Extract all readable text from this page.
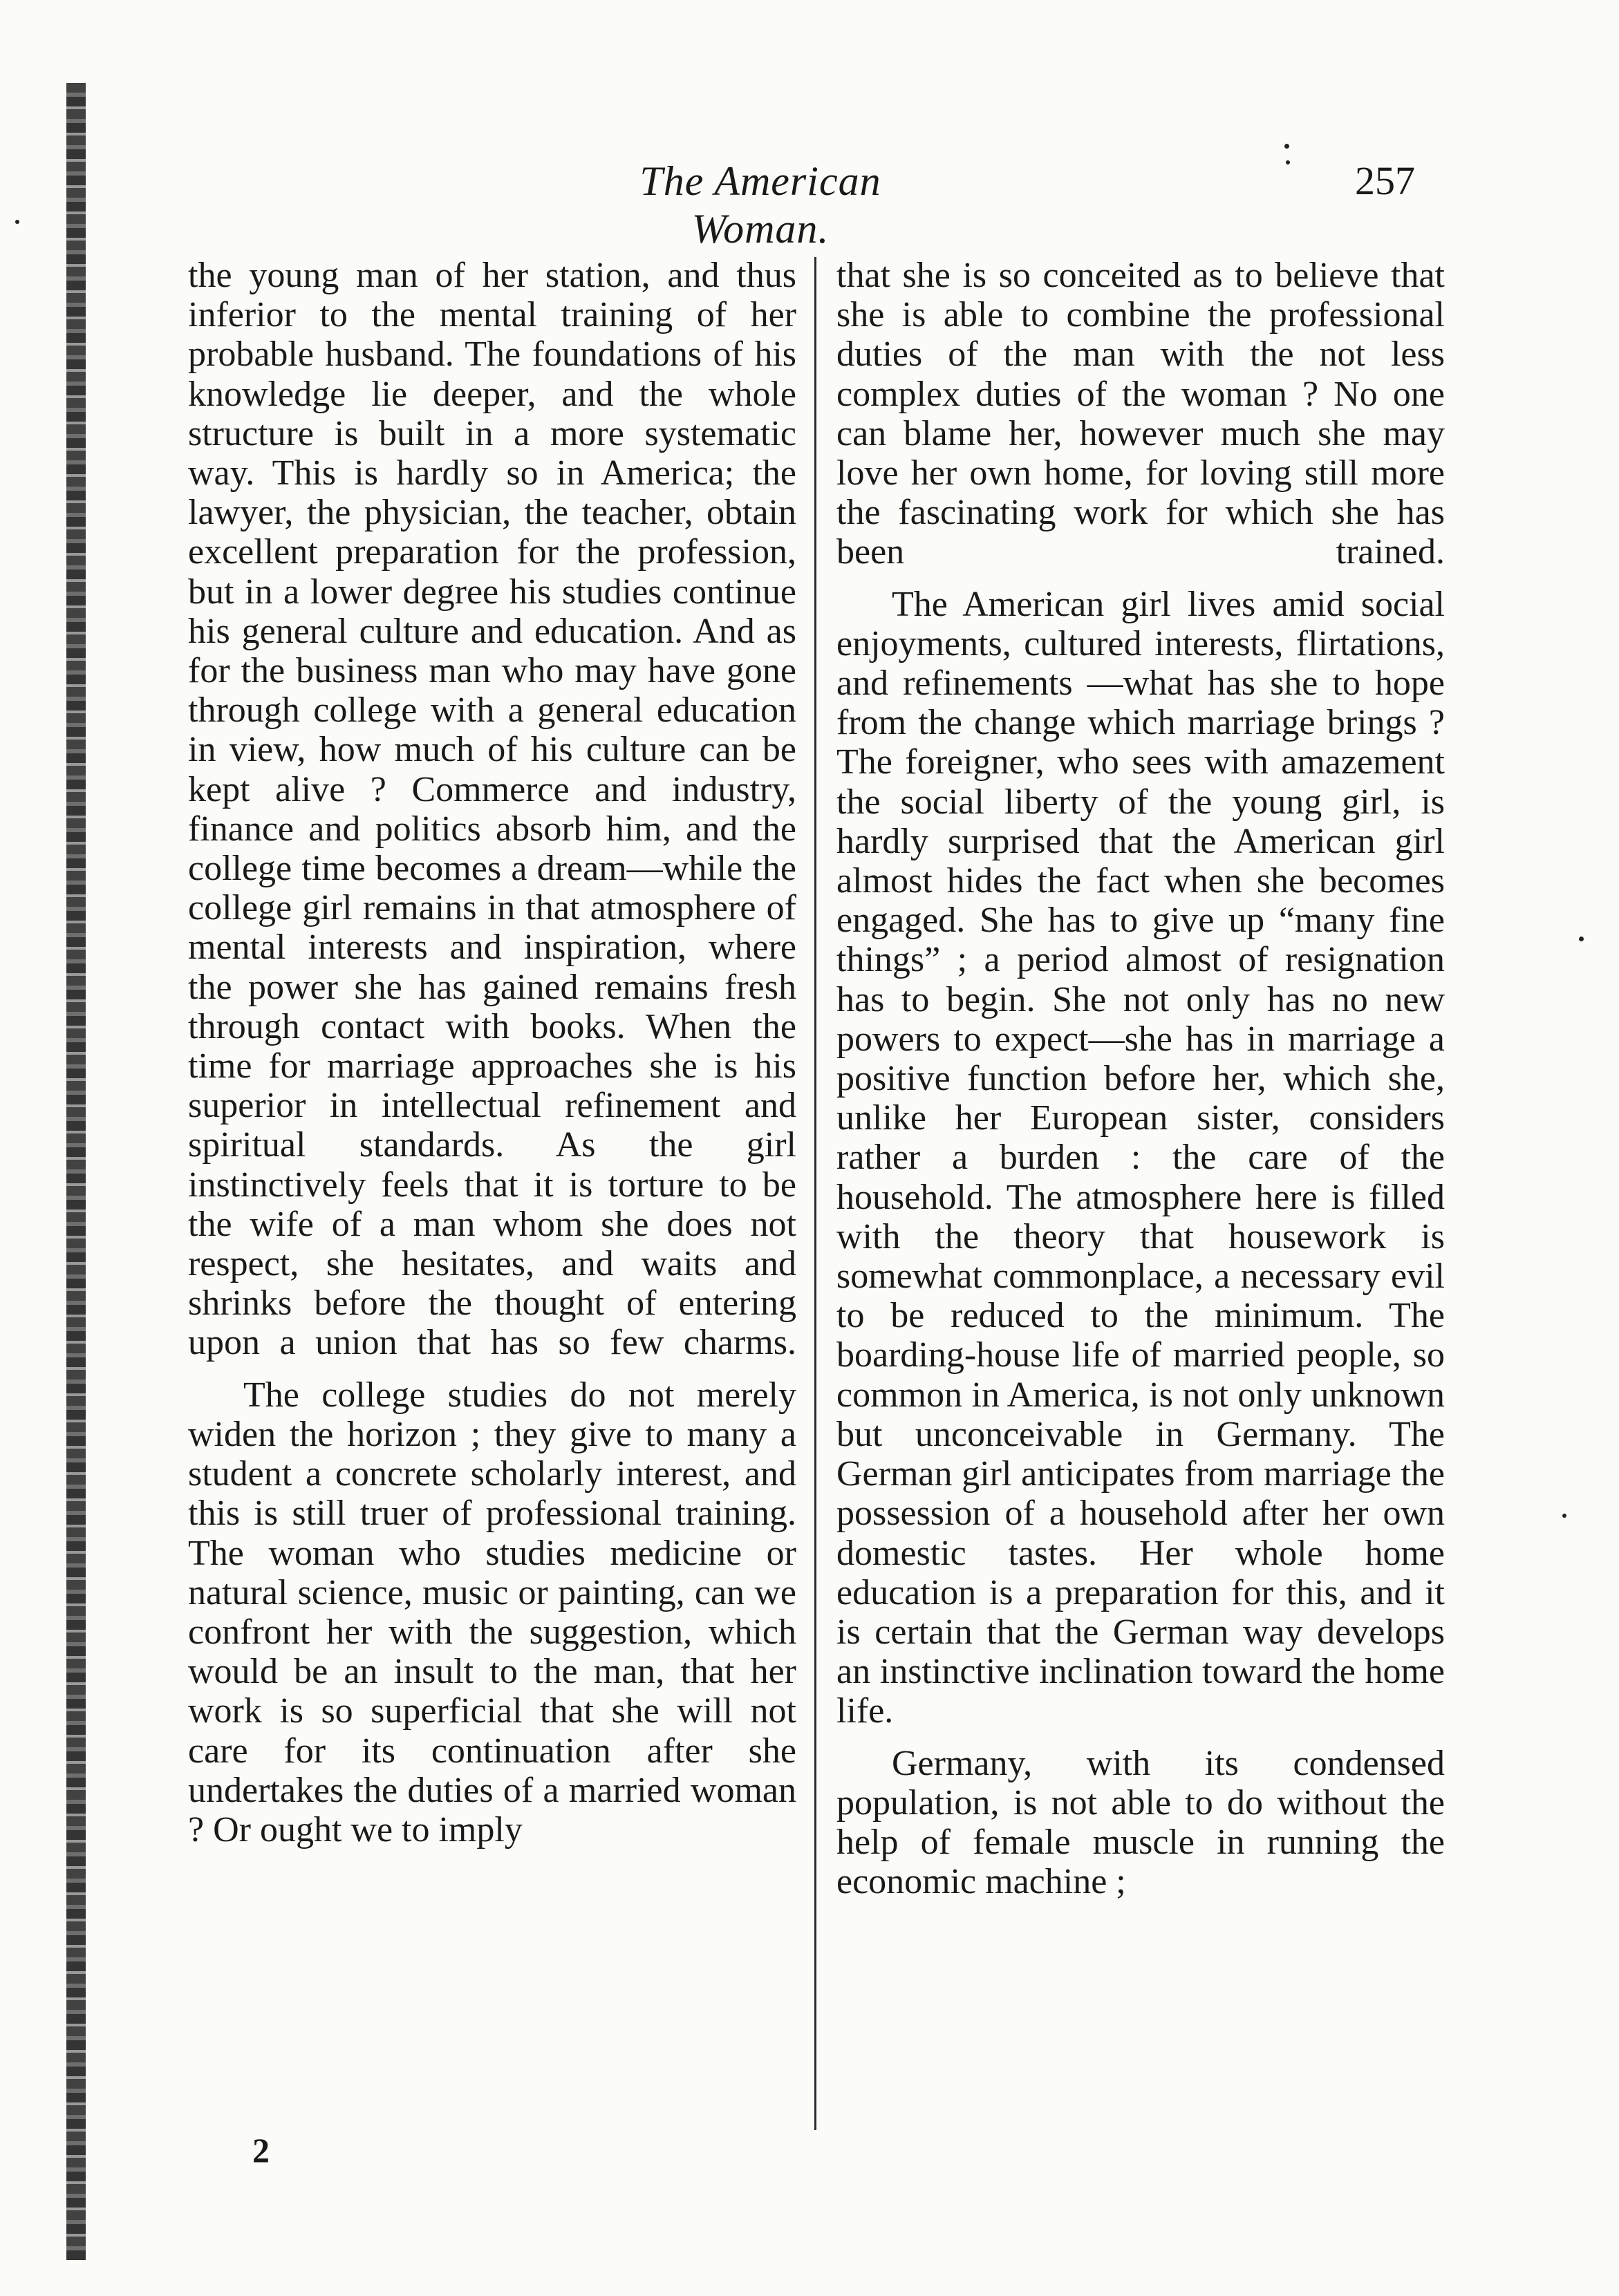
The American Woman.
257

the young man of her station, and thus inferior to the mental training of her probable husband. The foundations of his knowledge lie deeper, and the whole structure is built in a more systematic way. This is hardly so in America; the lawyer, the physician, the teacher, obtain excellent preparation for the profession, but in a lower degree his studies continue his general culture and education. And as for the business man who may have gone through college with a general education in view, how much of his culture can be kept alive ? Commerce and industry, finance and politics absorb him, and the college time becomes a dream—while the college girl remains in that atmosphere of mental interests and inspiration, where the power she has gained remains fresh through contact with books. When the time for marriage approaches she is his superior in intellectual refinement and spiritual standards. As the girl instinctively feels that it is torture to be the wife of a man whom she does not respect, she hesitates, and waits and shrinks before the thought of entering upon a union that has so few charms.

The college studies do not merely widen the horizon ; they give to many a student a concrete scholarly interest, and this is still truer of professional training. The woman who studies medicine or natural science, music or painting, can we confront her with the suggestion, which would be an insult to the man, that her work is so superficial that she will not care for its continuation after she undertakes the duties of a married woman ? Or ought we to imply

that she is so conceited as to believe that she is able to combine the professional duties of the man with the not less complex duties of the woman ? No one can blame her, however much she may love her own home, for loving still more the fascinating work for which she has been trained.

The American girl lives amid social enjoyments, cultured interests, flirtations, and refinements —what has she to hope from the change which marriage brings ? The foreigner, who sees with amazement the social liberty of the young girl, is hardly surprised that the American girl almost hides the fact when she becomes engaged. She has to give up “many fine things” ; a period almost of resignation has to begin. She not only has no new powers to expect—she has in marriage a positive function before her, which she, unlike her European sister, considers rather a burden : the care of the household. The atmosphere here is filled with the theory that housework is somewhat commonplace, a necessary evil to be reduced to the minimum. The boarding-house life of married people, so common in America, is not only unknown but unconceivable in Germany. The German girl anticipates from marriage the possession of a household after her own domestic tastes. Her whole home education is a preparation for this, and it is certain that the German way develops an instinctive inclination toward the home life.

Germany, with its condensed population, is not able to do without the help of female muscle in running the economic machine ;

2
